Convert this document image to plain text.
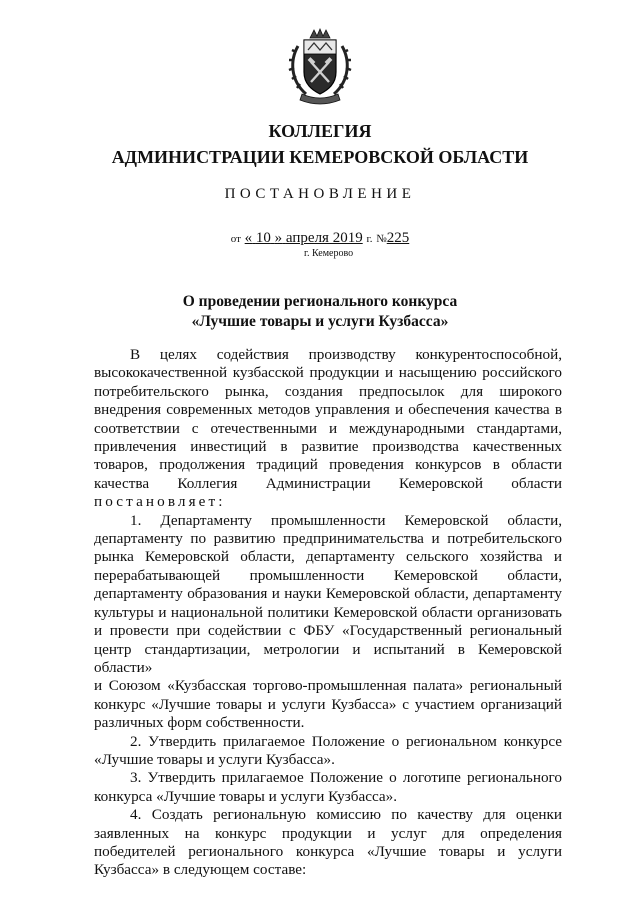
КОЛЛЕГИЯ
АДМИНИСТРАЦИИ КЕМЕРОВСКОЙ ОБЛАСТИ
ПОСТАНОВЛЕНИЕ
от « 10 » апреля 2019 г. №225
г. Кемерово
О проведении регионального конкурса
«Лучшие товары и услуги Кузбасса»

В целях содействия производству конкурентоспособной,

высококачественной кузбасской продукции и насыщению российского

потребительского рынка, создания предпосылок для широкого

внедрения современных методов управления и обеспечения качества в

соответствии с отечественными и международными стандартами,

привлечения инвестиций в развитие производства качественных

товаров, продолжения традиций проведения конкурсов в области

качества Коллегия Администрации Кемеровской области

постановляет:

1. Департаменту промышленности Кемеровской области,

департаменту по развитию предпринимательства и потребительского

рынка Кемеровской области, департаменту сельского хозяйства и

перерабатывающей промышленности Кемеровской области,

департаменту образования и науки Кемеровской области, департаменту

культуры и национальной политики Кемеровской области организовать

и провести при содействии с ФБУ «Государственный региональный

центр стандартизации, метрологии и испытаний в Кемеровской области»

и Союзом «Кузбасская торгово-промышленная палата» региональный

конкурс «Лучшие товары и услуги Кузбасса» с участием организаций

различных форм собственности.

2. Утвердить прилагаемое Положение о региональном конкурсе

«Лучшие товары и услуги Кузбасса».

3. Утвердить прилагаемое Положение о логотипе регионального

конкурса «Лучшие товары и услуги Кузбасса».

4. Создать региональную комиссию по качеству для оценки

заявленных на конкурс продукции и услуг для определения

победителей регионального конкурса «Лучшие товары и услуги

Кузбасса» в следующем составе:
